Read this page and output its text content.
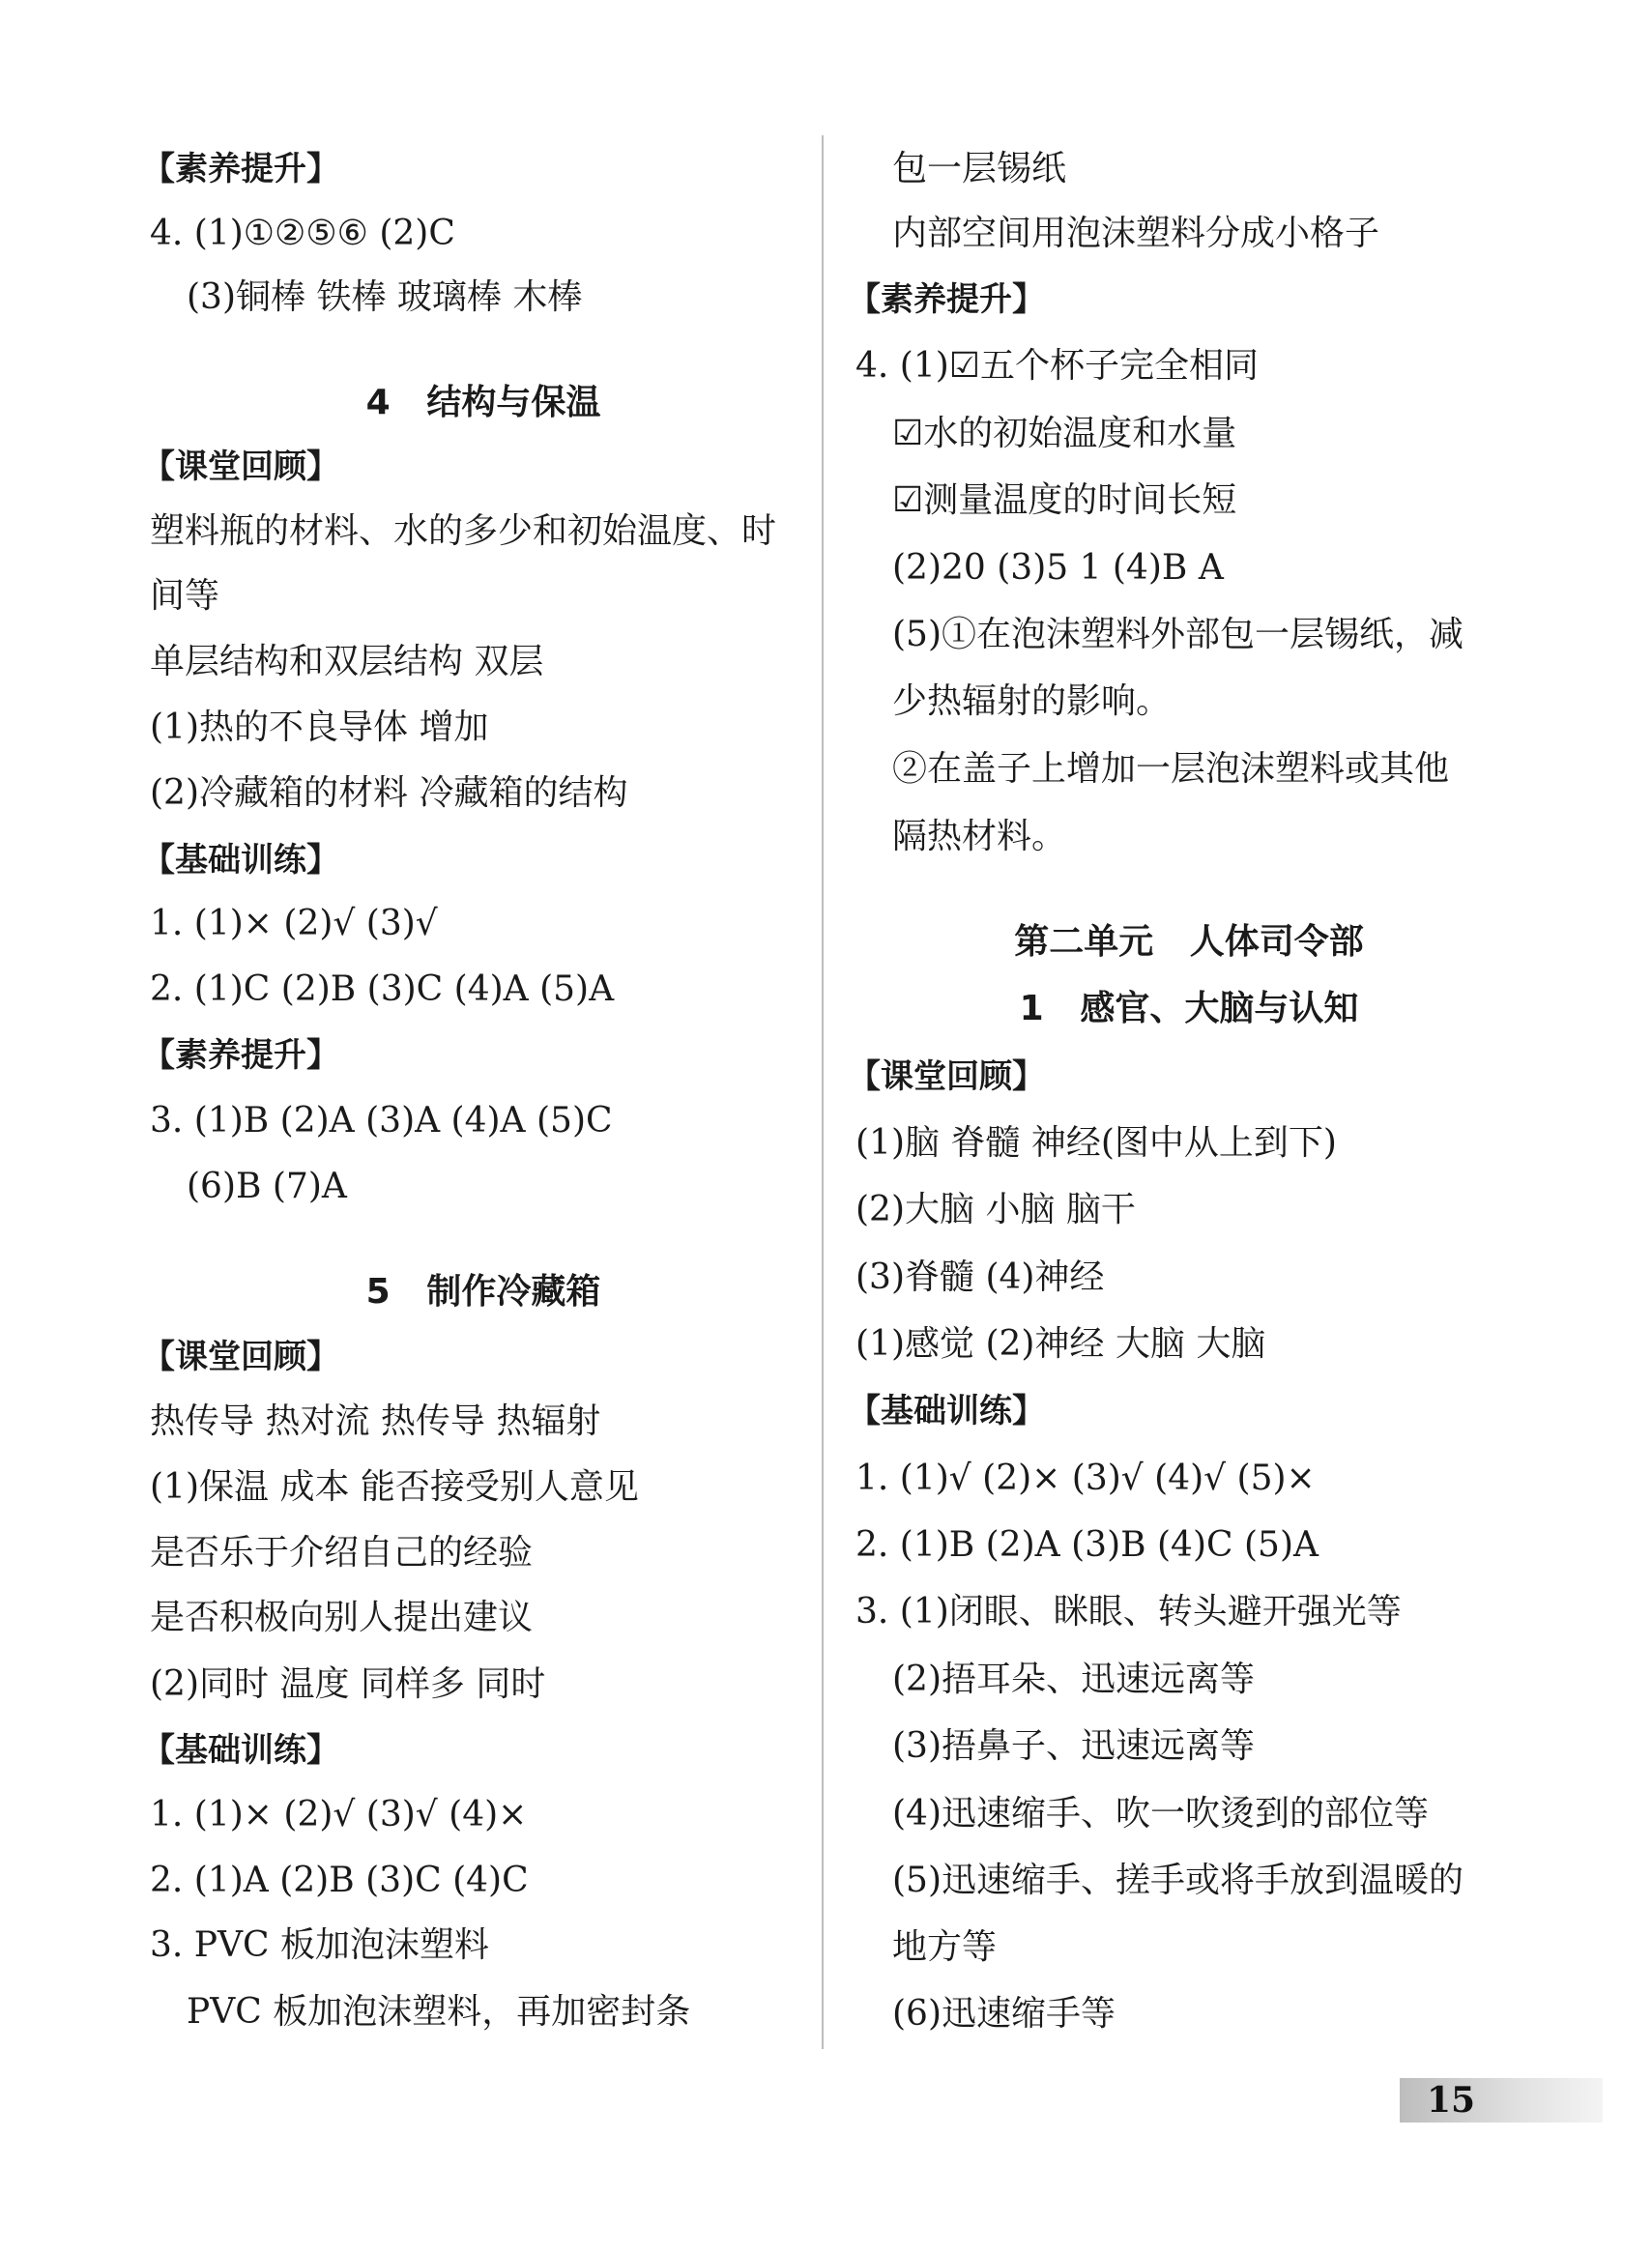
【素养提升】
4. (1)①②⑤⑥ (2)C
(3)铜棒 铁棒 玻璃棒 木棒
4   结构与保温
【课堂回顾】
塑料瓶的材料、水的多少和初始温度、时
间等
单层结构和双层结构 双层
(1)热的不良导体 增加
(2)冷藏箱的材料 冷藏箱的结构
【基础训练】
1. (1)× (2)√ (3)√
2. (1)C (2)B (3)C (4)A (5)A
【素养提升】
3. (1)B (2)A (3)A (4)A (5)C
(6)B (7)A
5   制作冷藏箱
【课堂回顾】
热传导 热对流 热传导 热辐射
(1)保温 成本 能否接受别人意见
是否乐于介绍自己的经验
是否积极向别人提出建议
(2)同时 温度 同样多 同时
【基础训练】
1. (1)× (2)√ (3)√ (4)×
2. (1)A (2)B (3)C (4)C
3. PVC 板加泡沫塑料
PVC 板加泡沫塑料，再加密封条
包一层锡纸
内部空间用泡沫塑料分成小格子
【素养提升】
4. (1)☑五个杯子完全相同
☑水的初始温度和水量
☑测量温度的时间长短
(2)20 (3)5 1 (4)B A
(5)①在泡沫塑料外部包一层锡纸，减
少热辐射的影响。
②在盖子上增加一层泡沫塑料或其他
隔热材料。
第二单元   人体司令部
1   感官、大脑与认知
【课堂回顾】
(1)脑 脊髓 神经(图中从上到下)
(2)大脑 小脑 脑干
(3)脊髓 (4)神经
(1)感觉 (2)神经 大脑 大脑
【基础训练】
1. (1)√ (2)× (3)√ (4)√ (5)×
2. (1)B (2)A (3)B (4)C (5)A
3. (1)闭眼、眯眼、转头避开强光等
(2)捂耳朵、迅速远离等
(3)捂鼻子、迅速远离等
(4)迅速缩手、吹一吹烫到的部位等
(5)迅速缩手、搓手或将手放到温暖的
地方等
(6)迅速缩手等
15
